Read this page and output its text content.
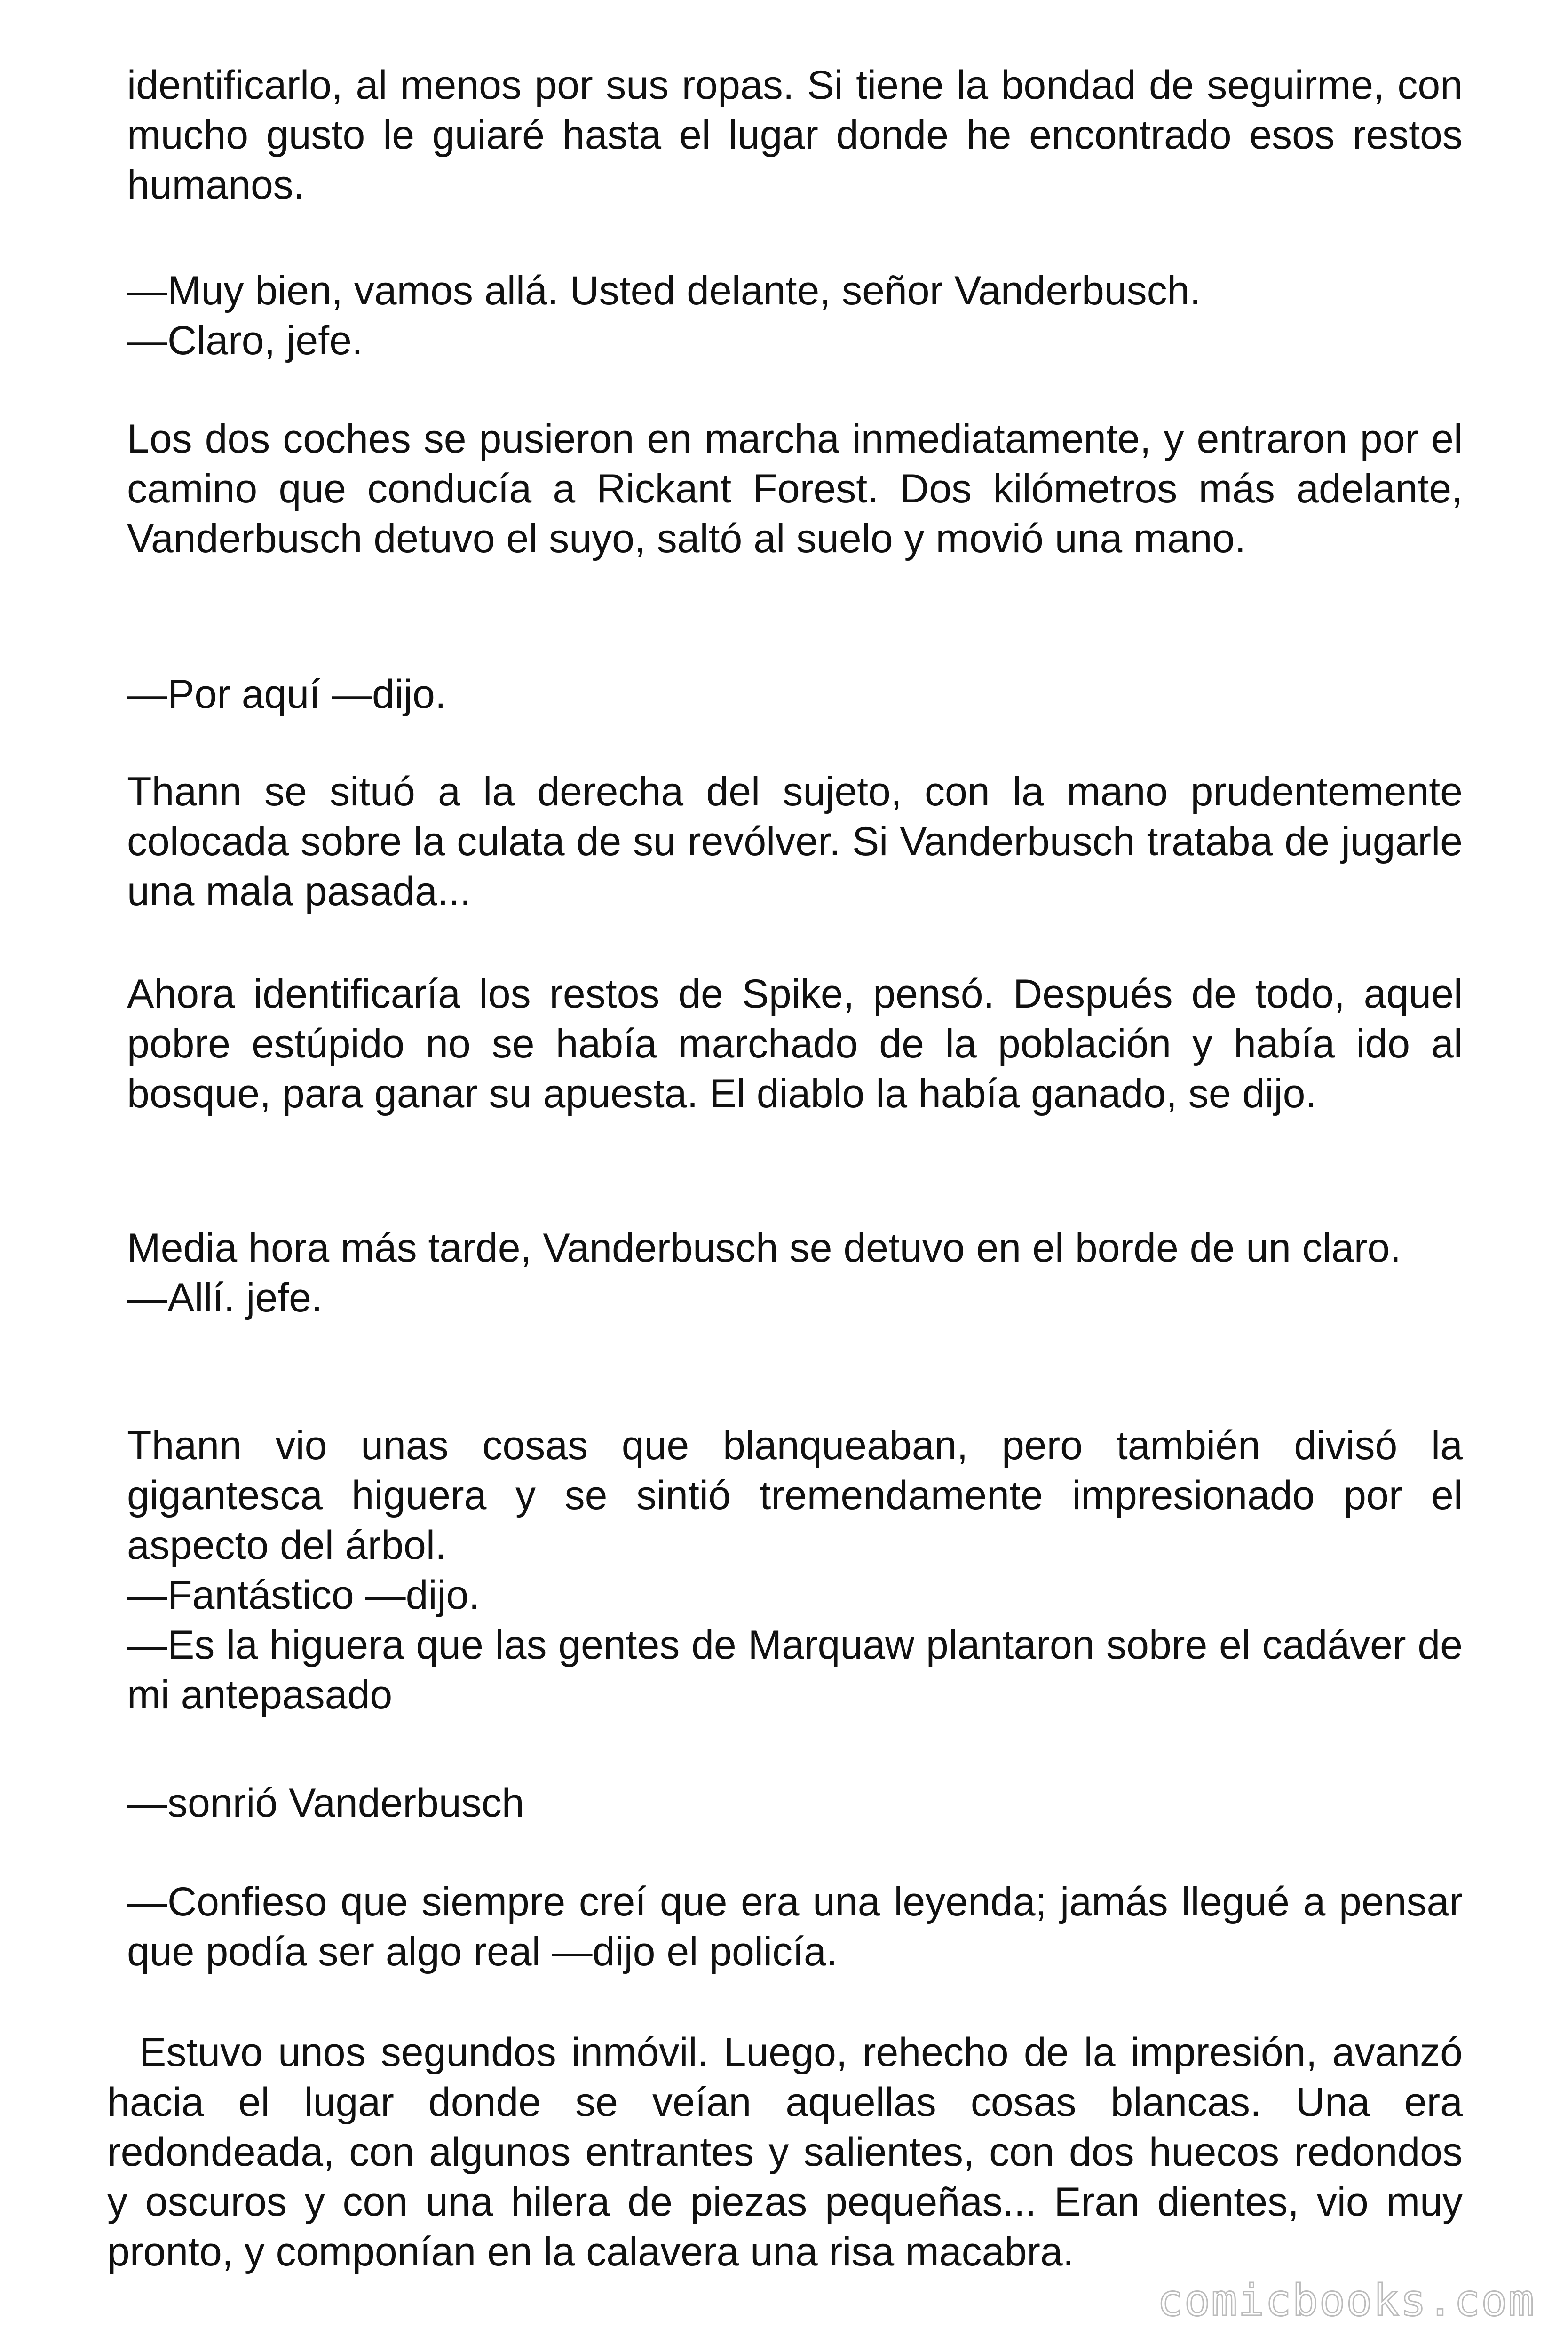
identificarlo, al menos por sus ropas. Si tiene la bondad de seguirme, con mucho gusto le guiaré hasta el lugar donde he encontrado esos restos humanos.

—Muy bien, vamos allá. Usted delante, señor Vanderbusch.

—Claro, jefe.

Los dos coches se pusieron en marcha inmediatamente, y entraron por el camino que conducía a Rickant Forest. Dos kilómetros más adelante, Vanderbusch detuvo el suyo, saltó al suelo y movió una mano.

—Por aquí —dijo.

Thann se situó a la derecha del sujeto, con la mano prudentemente colocada sobre la culata de su revólver. Si Vanderbusch trataba de jugarle una mala pasada...

Ahora identificaría los restos de Spike, pensó. Después de todo, aquel pobre estúpido no se había marchado de la población y había ido al bosque, para ganar su apuesta. El diablo la había ganado, se dijo.

Media hora más tarde, Vanderbusch se detuvo en el borde de un claro.

—Allí. jefe.

Thann vio unas cosas que blanqueaban, pero también divisó la gigantesca higuera y se sintió tremendamente impresionado por el aspecto del árbol.

—Fantástico —dijo.

—Es la higuera que las gentes de Marquaw plantaron sobre el cadáver de mi antepasado

—sonrió Vanderbusch

—Confieso que siempre creí que era una leyenda; jamás llegué a pensar que podía ser algo real —dijo el policía.

Estuvo unos segundos inmóvil. Luego, rehecho de la impresión, avanzó hacia el lugar donde se veían aquellas cosas blancas. Una era redondeada, con algunos entrantes y salientes, con dos huecos redondos y oscuros y con una hilera de piezas pequeñas... Eran dientes, vio muy pronto, y componían en la calavera una risa macabra.

comicbooks.com
